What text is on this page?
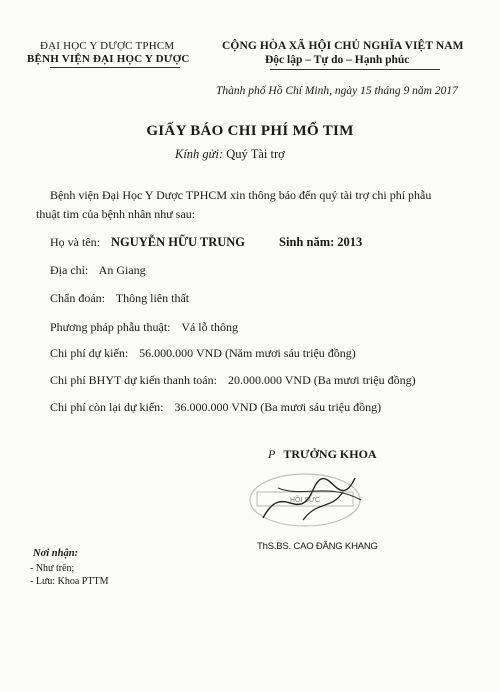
ĐẠI HỌC Y DƯỢC TPHCM
BỆNH VIỆN ĐẠI HỌC Y DƯỢC
CỘNG HÒA XÃ HỘI CHỦ NGHĨA VIỆT NAM
Độc lập – Tự do – Hạnh phúc
Thành phố Hồ Chí Minh, ngày 15 tháng 9 năm 2017
GIẤY BÁO CHI PHÍ MỔ TIM
Kính gửi: Quý Tài trợ
Bệnh viện Đại Học Y Dược TPHCM xin thông báo đến quý tài trợ chi phí phẫu
thuật tim của bệnh nhân như sau:
Họ và tên: NGUYỄN HỮU TRUNG	Sinh năm: 2013
Địa chỉ: An Giang
Chẩn đoán: Thông liên thất
Phương pháp phẫu thuật: Vá lỗ thông
Chi phí dự kiến: 56.000.000 VND (Năm mươi sáu triệu đồng)
Chi phí BHYT dự kiến thanh toán: 20.000.000 VND (Ba mươi triệu đồng)
Chi phí còn lại dự kiến: 36.000.000 VND (Ba mươi sáu triệu đồng)
P TRƯỞNG KHOA
HỒI SỨC
ThS.BS. CAO ĐĂNG KHANG
Nơi nhận:
- Như trên;
- Lưu: Khoa PTTM
